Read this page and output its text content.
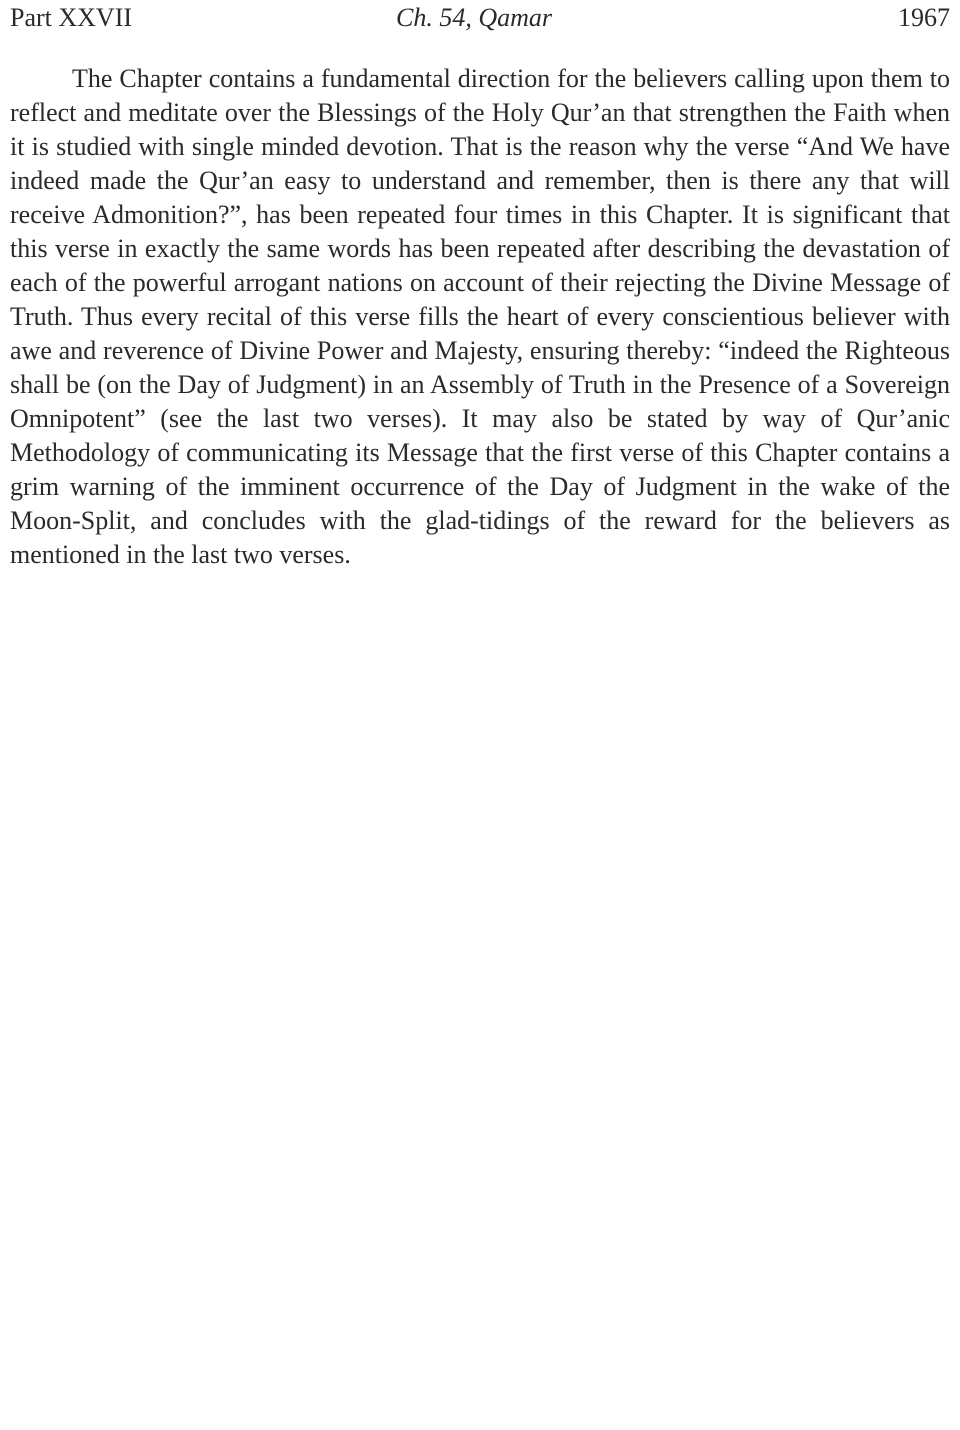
Part XXVII	Ch. 54, Qamar	1967

The Chapter contains a fundamental direction for the believers calling upon them to reflect and meditate over the Blessings of the Holy Qur’an that strengthen the Faith when it is studied with single minded devotion. That is the reason why the verse “And We have indeed made the Qur’an easy to understand and remember, then is there any that will receive Admonition?”, has been repeated four times in this Chapter. It is significant that this verse in exactly the same words has been repeated after describing the devastation of each of the powerful arrogant nations on account of their rejecting the Divine Message of Truth. Thus every recital of this verse fills the heart of every conscientious believer with awe and reverence of Divine Power and Majesty, ensuring thereby: “indeed the Righteous shall be (on the Day of Judgment) in an Assembly of Truth in the Presence of a Sovereign Omnipotent” (see the last two verses). It may also be stated by way of Qur’anic Methodology of communicating its Message that the first verse of this Chapter contains a grim warning of the imminent occurrence of the Day of Judgment in the wake of the Moon-Split, and concludes with the glad-tidings of the reward for the believers as mentioned in the last two verses.
